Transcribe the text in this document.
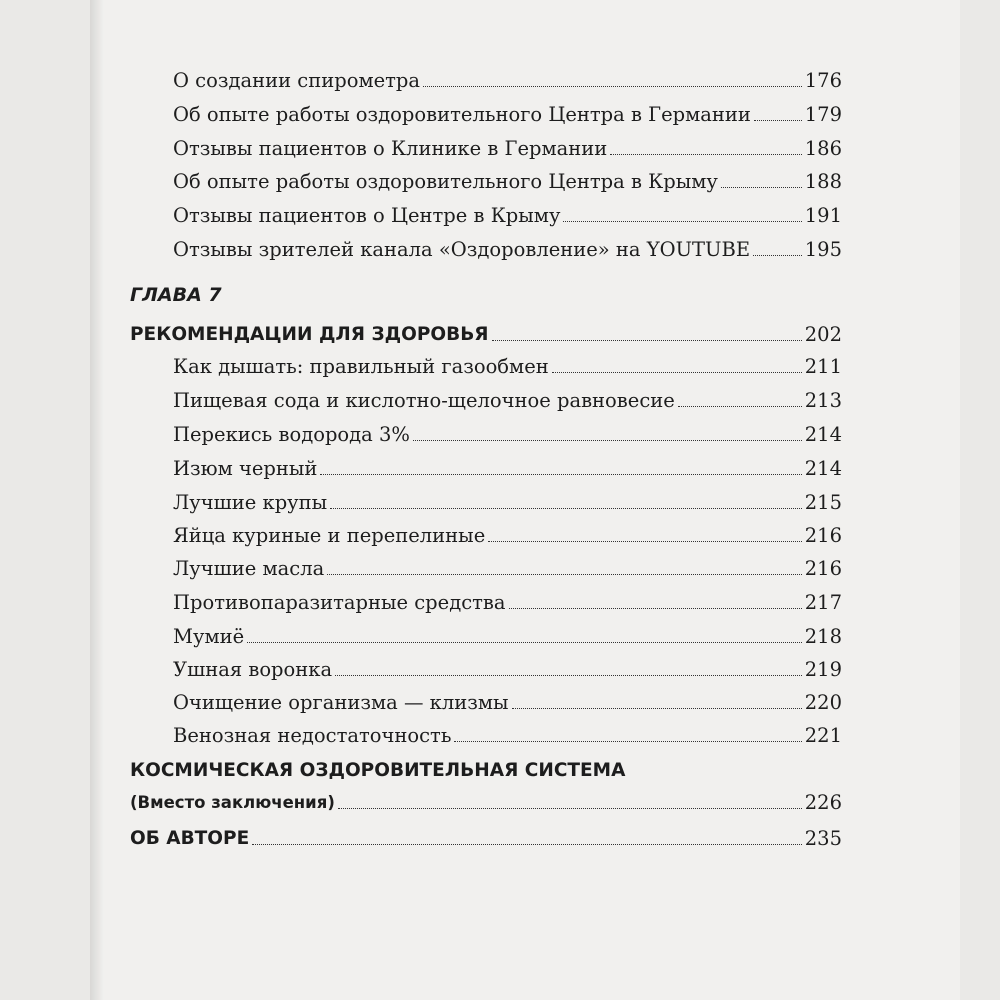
О создании спирометра	176
Об опыте работы оздоровительного Центра в Германии	179
Отзывы пациентов о Клинике в Германии	186
Об опыте работы оздоровительного Центра в Крыму	188
Отзывы пациентов о Центре в Крыму	191
Отзывы зрителей канала «Оздоровление» на YOUTUBE	195
ГЛАВА 7
РЕКОМЕНДАЦИИ ДЛЯ ЗДОРОВЬЯ	202
Как дышать: правильный газообмен	211
Пищевая сода и кислотно-щелочное равновесие	213
Перекись водорода 3%	214
Изюм черный	214
Лучшие крупы	215
Яйца куриные и перепелиные	216
Лучшие масла	216
Противопаразитарные средства	217
Мумиё	218
Ушная воронка	219
Очищение организма — клизмы	220
Венозная недостаточность	221
КОСМИЧЕСКАЯ ОЗДОРОВИТЕЛЬНАЯ СИСТЕМА
(Вместо заключения)	226
ОБ АВТОРЕ	235
